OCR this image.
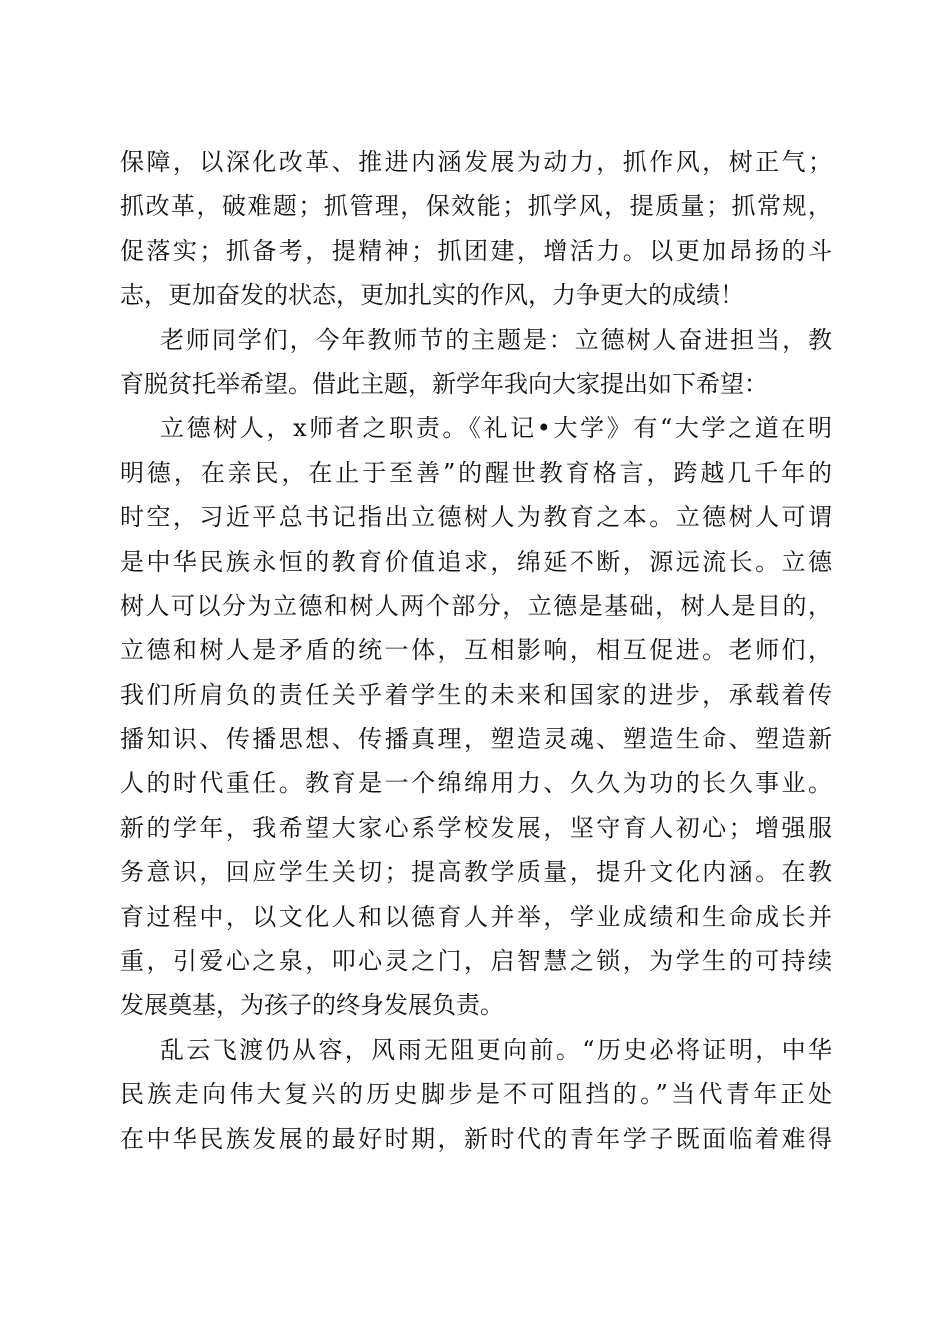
保障，以深化改革、推进内涵发展为动力，抓作风，树正气；
抓改革，破难题；抓管理，保效能；抓学风，提质量；抓常规，
促落实；抓备考，提精神；抓团建，增活力。以更加昂扬的斗
志，更加奋发的状态，更加扎实的作风，力争更大的成绩！
老师同学们，今年教师节的主题是：立德树人奋进担当，教
育脱贫托举希望。借此主题，新学年我向大家提出如下希望：
立德树人，x师者之职责。《礼记•大学》有“大学之道在明
明德，在亲民，在止于至善”的醒世教育格言，跨越几千年的
时空，习近平总书记指出立德树人为教育之本。立德树人可谓
是中华民族永恒的教育价值追求，绵延不断，源远流长。立德
树人可以分为立德和树人两个部分，立德是基础，树人是目的，
立德和树人是矛盾的统一体，互相影响，相互促进。老师们，
我们所肩负的责任关乎着学生的未来和国家的进步，承载着传
播知识、传播思想、传播真理，塑造灵魂、塑造生命、塑造新
人的时代重任。教育是一个绵绵用力、久久为功的长久事业。
新的学年，我希望大家心系学校发展，坚守育人初心；增强服
务意识，回应学生关切；提高教学质量，提升文化内涵。在教
育过程中，以文化人和以德育人并举，学业成绩和生命成长并
重，引爱心之泉，叩心灵之门，启智慧之锁，为学生的可持续
发展奠基，为孩子的终身发展负责。
乱云飞渡仍从容，风雨无阻更向前。“历史必将证明，中华
民族走向伟大复兴的历史脚步是不可阻挡的。”当代青年正处
在中华民族发展的最好时期，新时代的青年学子既面临着难得
